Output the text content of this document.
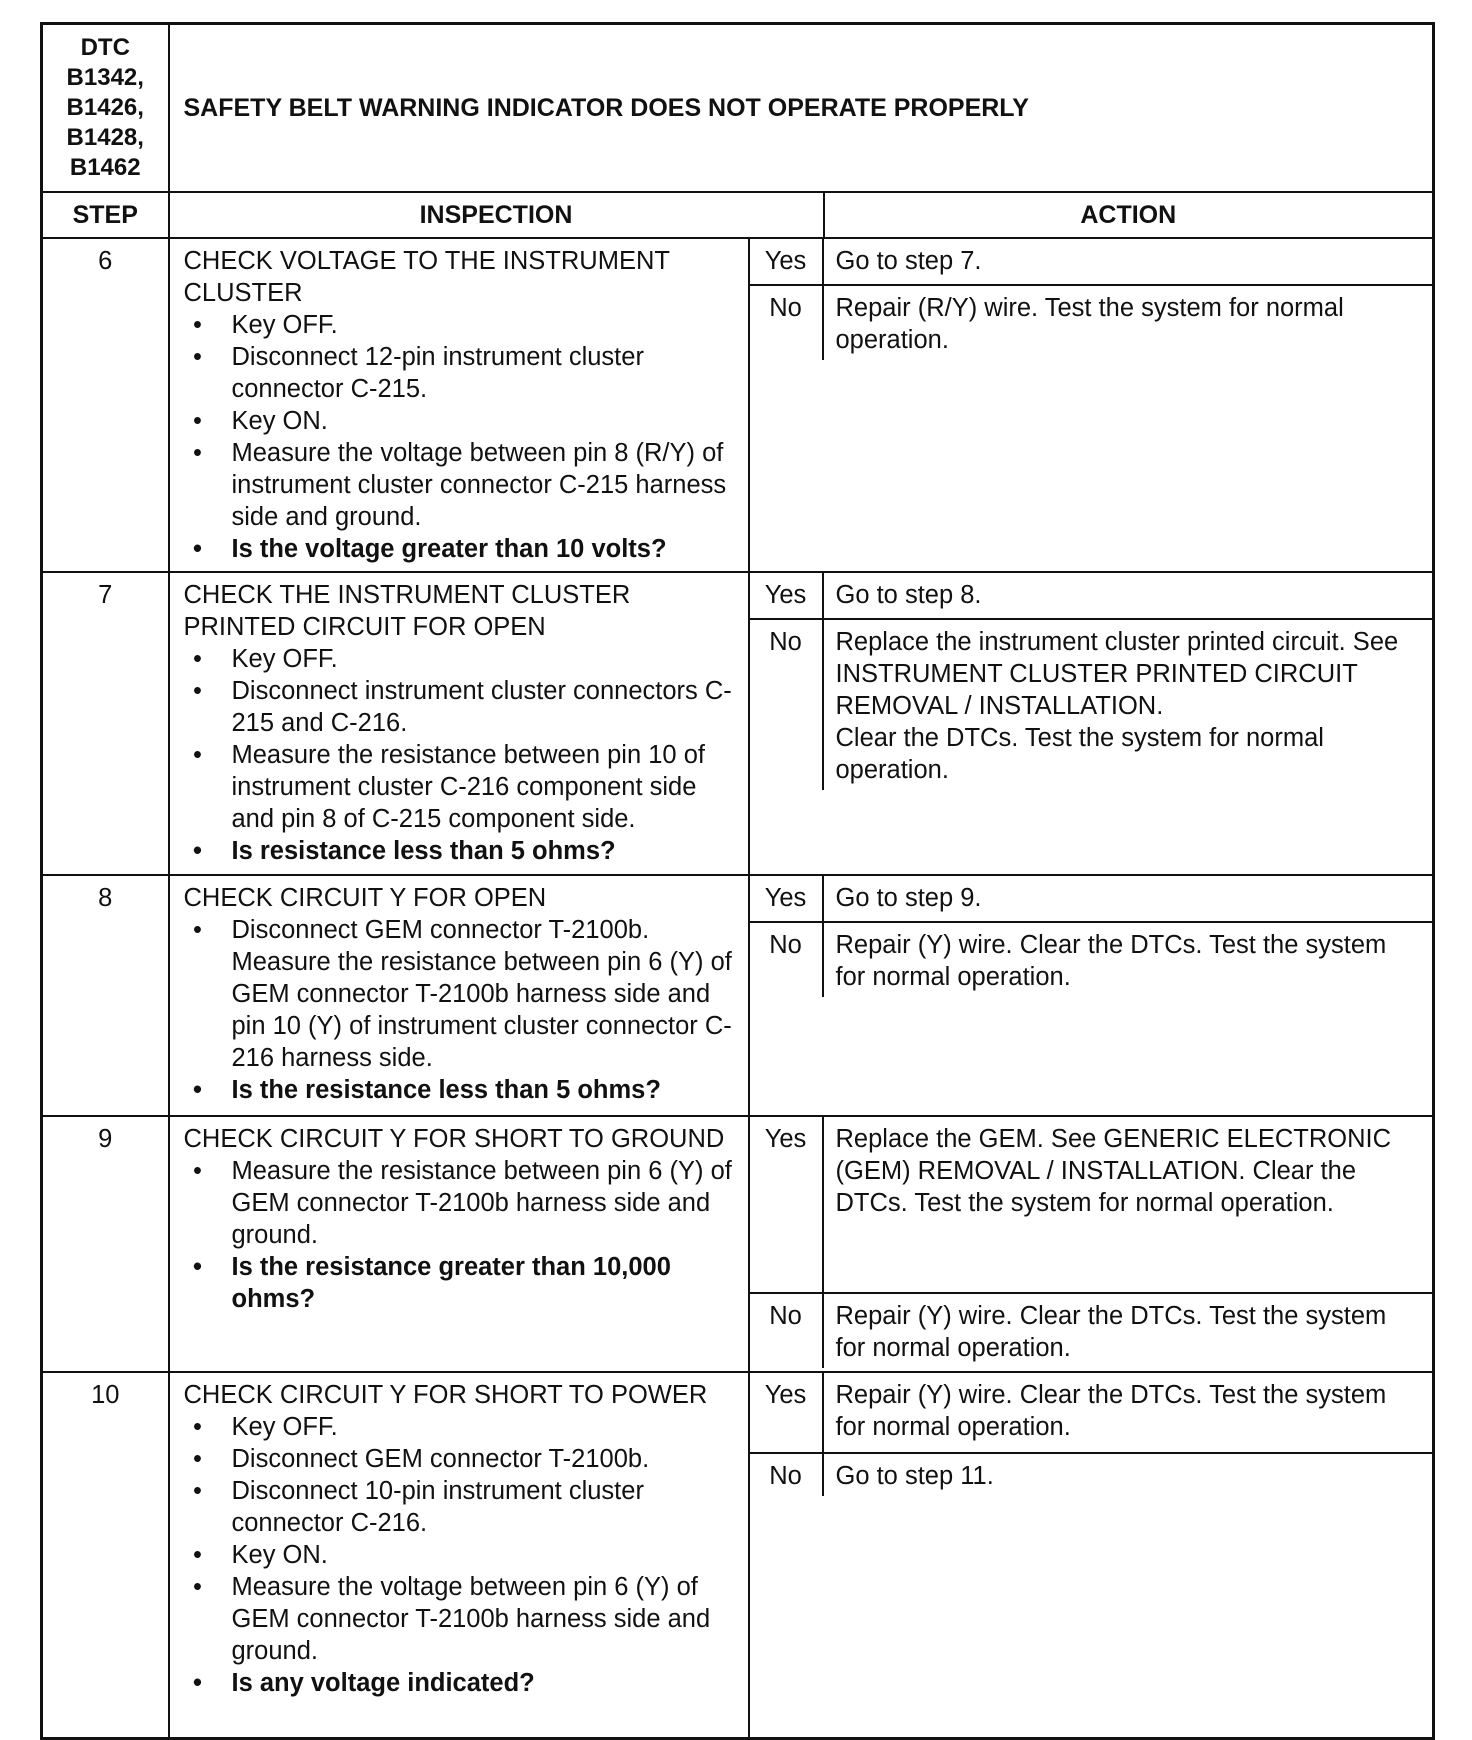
DTC B1342, B1426, B1428, B1462	SAFETY BELT WARNING INDICATOR DOES NOT OPERATE PROPERLY
STEP	INSPECTION	ACTION
6	CHECK VOLTAGE TO THE INSTRUMENT CLUSTER
• Key OFF.
• Disconnect 12-pin instrument cluster connector C-215.
• Key ON.
• Measure the voltage between pin 8 (R/Y) of instrument cluster connector C-215 harness side and ground.
• Is the voltage greater than 10 volts?

Yes	Go to step 7.
No	Repair (R/Y) wire. Test the system for normal operation.

7	CHECK THE INSTRUMENT CLUSTER PRINTED CIRCUIT FOR OPEN
• Key OFF.
• Disconnect instrument cluster connectors C-215 and C-216.
• Measure the resistance between pin 10 of instrument cluster C-216 component side and pin 8 of C-215 component side.
• Is resistance less than 5 ohms?

Yes	Go to step 8.
No	Replace the instrument cluster printed circuit. See INSTRUMENT CLUSTER PRINTED CIRCUIT REMOVAL / INSTALLATION.
Clear the DTCs. Test the system for normal operation.

8	CHECK CIRCUIT Y FOR OPEN
• Disconnect GEM connector T-2100b. Measure the resistance between pin 6 (Y) of GEM connector T-2100b harness side and pin 10 (Y) of instrument cluster connector C-216 harness side.
• Is the resistance less than 5 ohms?

Yes	Go to step 9.
No	Repair (Y) wire. Clear the DTCs. Test the system for normal operation.

9	CHECK CIRCUIT Y FOR SHORT TO GROUND
• Measure the resistance between pin 6 (Y) of GEM connector T-2100b harness side and ground.
• Is the resistance greater than 10,000 ohms?

Yes	Replace the GEM. See GENERIC ELECTRONIC (GEM) REMOVAL / INSTALLATION. Clear the DTCs. Test the system for normal operation.
No	Repair (Y) wire. Clear the DTCs. Test the system for normal operation.

10	CHECK CIRCUIT Y FOR SHORT TO POWER
• Key OFF.
• Disconnect GEM connector T-2100b.
• Disconnect 10-pin instrument cluster connector C-216.
• Key ON.
• Measure the voltage between pin 6 (Y) of GEM connector T-2100b harness side and ground.
• Is any voltage indicated?

Yes	Repair (Y) wire. Clear the DTCs. Test the system for normal operation.
No	Go to step 11.
